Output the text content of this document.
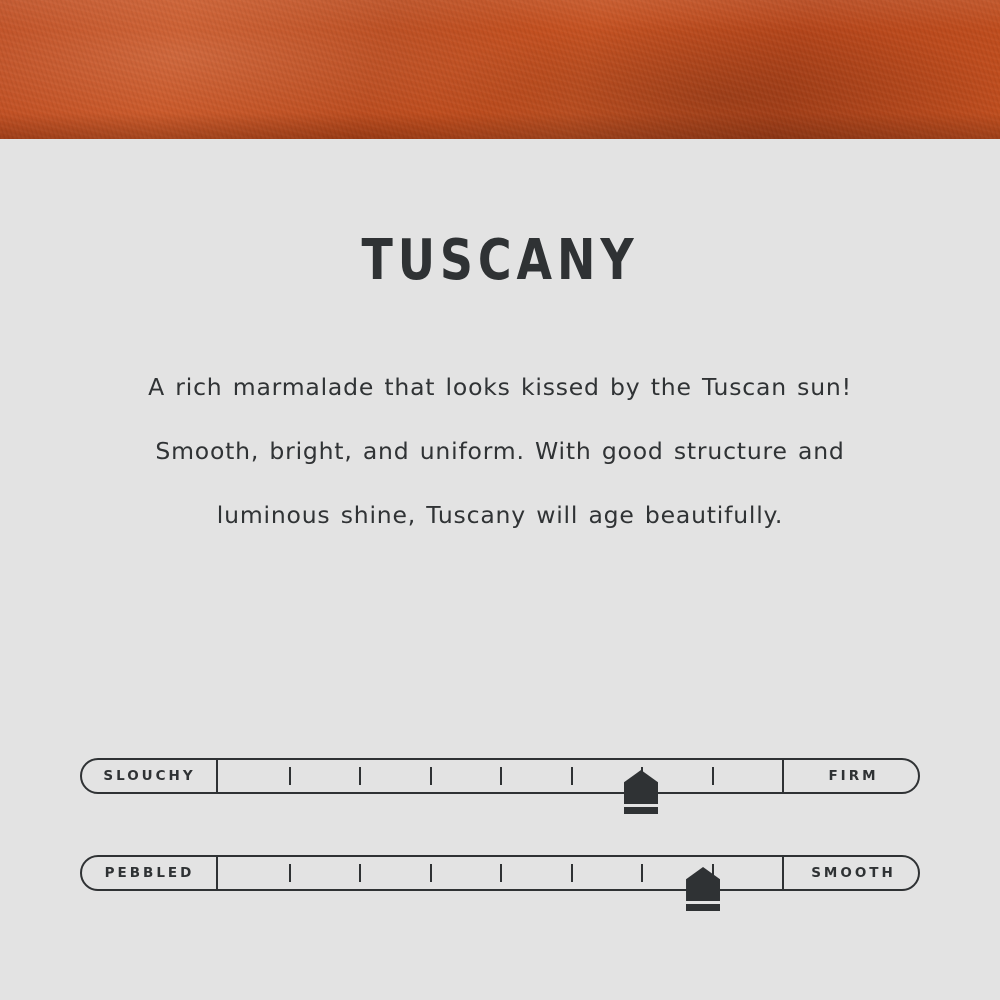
TUSCANY
A rich marmalade that looks kissed by the Tuscan sun!
Smooth, bright, and uniform. With good structure and
luminous shine, Tuscany will age beautifully.
SLOUCHY	FIRM
PEBBLED	SMOOTH
